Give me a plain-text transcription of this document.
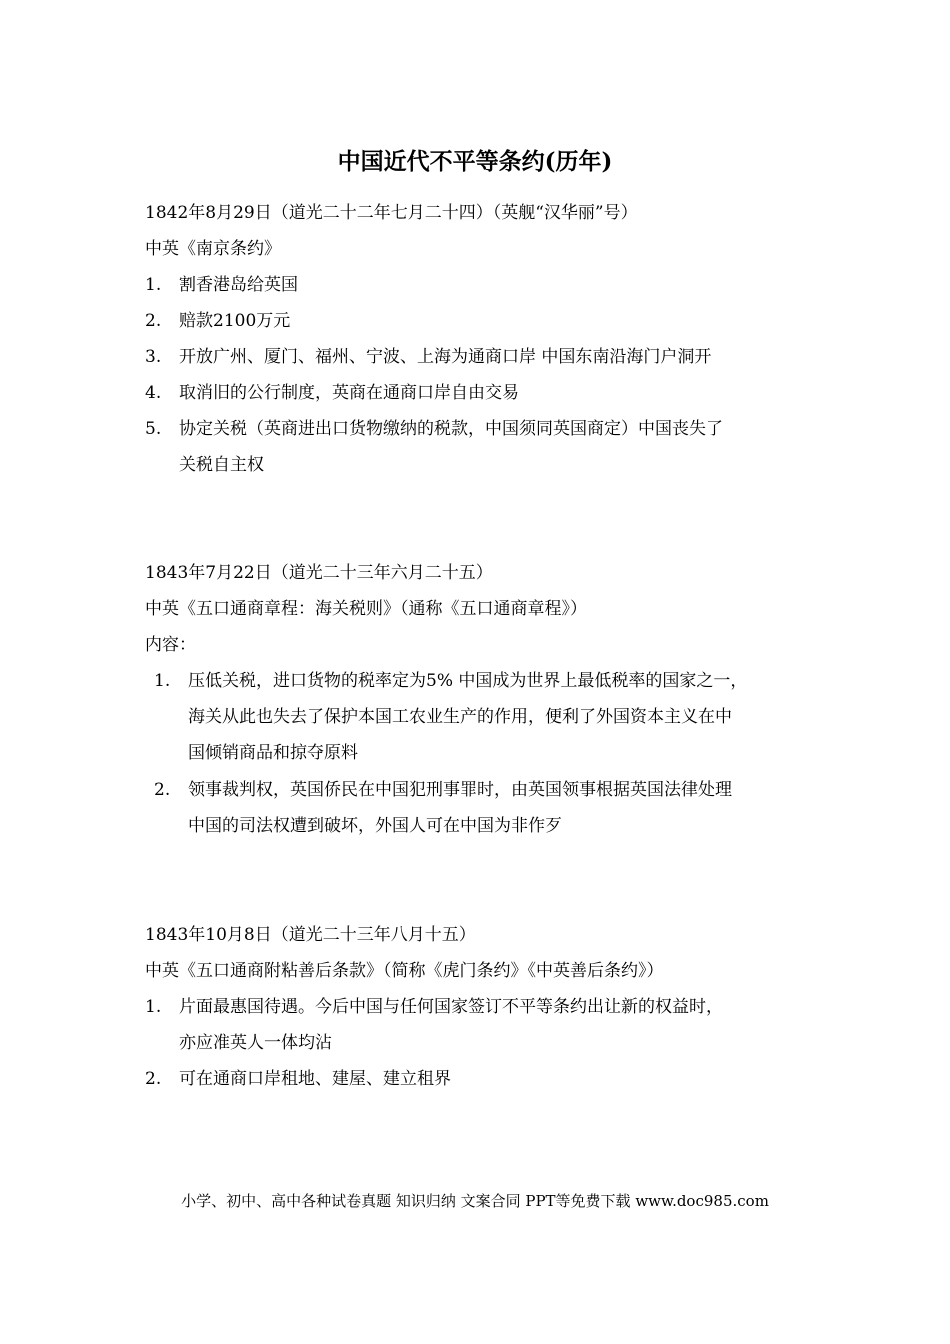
中国近代不平等条约(历年)
1842年8月29日（道光二十二年七月二十四）（英舰“汉华丽”号）
中英《南京条约》
1. 割香港岛给英国
2. 赔款2100万元
3. 开放广州、厦门、福州、宁波、上海为通商口岸 中国东南沿海门户洞开
4. 取消旧的公行制度，英商在通商口岸自由交易
5. 协定关税（英商进出口货物缴纳的税款，中国须同英国商定）中国丧失了
关税自主权
1843年7月22日（道光二十三年六月二十五）
中英《五口通商章程：海关税则》（通称《五口通商章程》）
内容：
1. 压低关税，进口货物的税率定为5% 中国成为世界上最低税率的国家之一，
海关从此也失去了保护本国工农业生产的作用，便利了外国资本主义在中
国倾销商品和掠夺原料
2. 领事裁判权，英国侨民在中国犯刑事罪时，由英国领事根据英国法律处理
中国的司法权遭到破坏，外国人可在中国为非作歹
1843年10月8日（道光二十三年八月十五）
中英《五口通商附粘善后条款》（简称《虎门条约》《中英善后条约》）
1. 片面最惠国待遇。今后中国与任何国家签订不平等条约出让新的权益时，
亦应准英人一体均沾
2. 可在通商口岸租地、建屋、建立租界
小学、初中、高中各种试卷真题 知识归纳 文案合同 PPT等免费下载 www.doc985.com
